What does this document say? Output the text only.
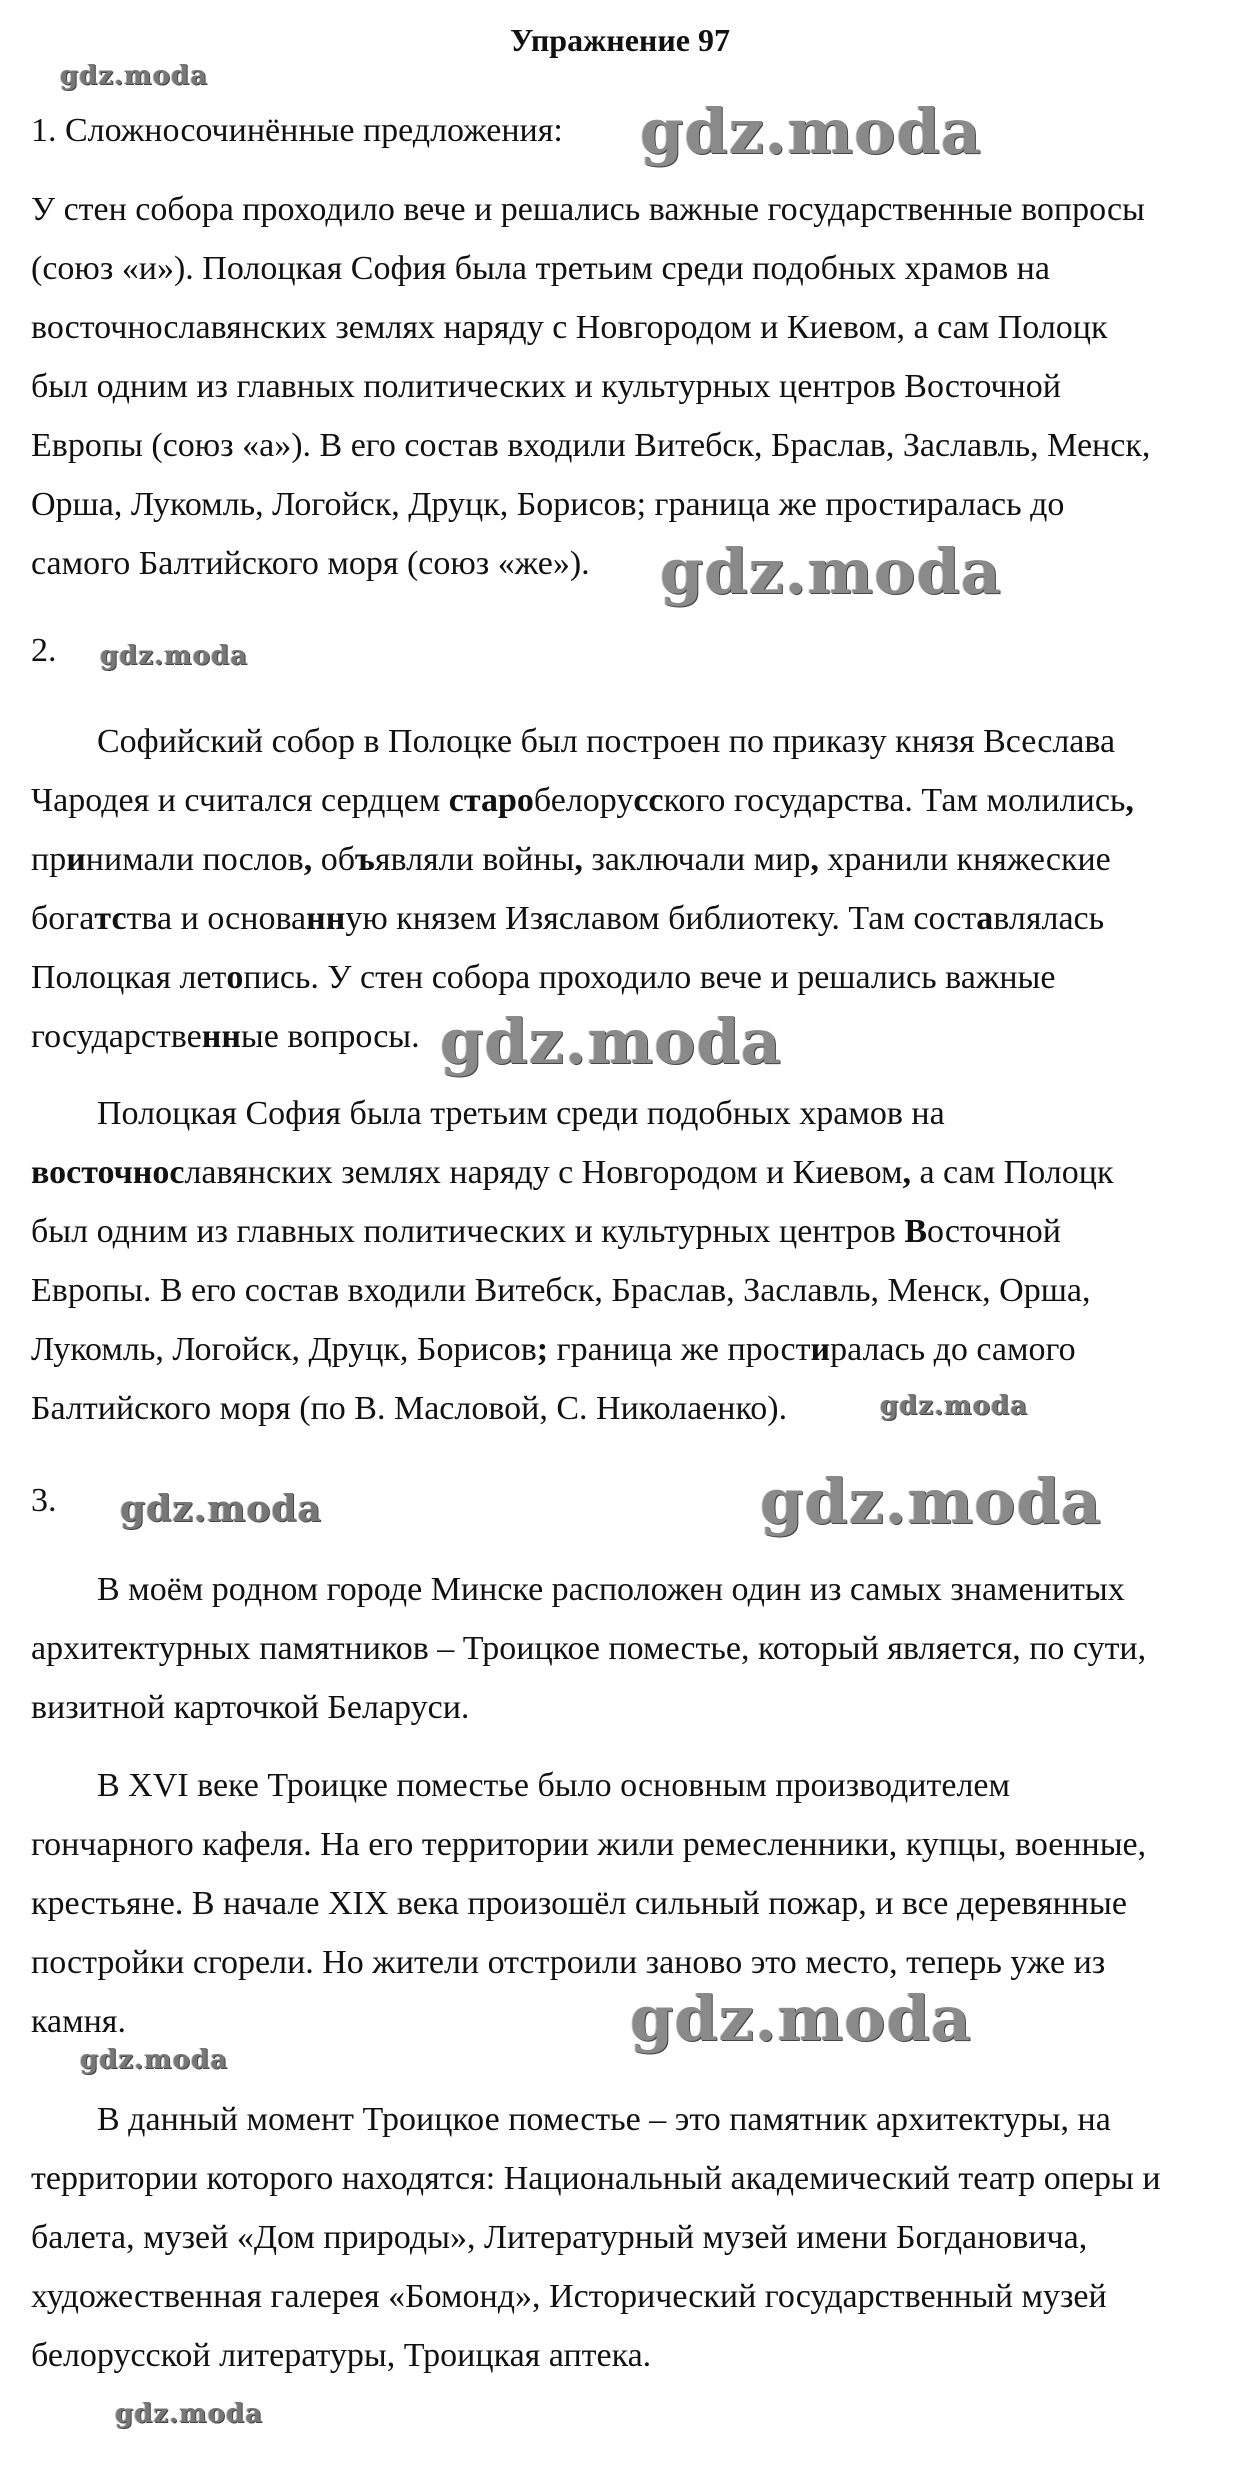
Упражнение 97
1. Сложносочинённые предложения:
У стен собора проходило вече и решались важные государственные вопросы
(союз «и»). Полоцкая София была третьим среди подобных храмов на
восточнославянских землях наряду с Новгородом и Киевом, а сам Полоцк
был одним из главных политических и культурных центров Восточной
Европы (союз «а»). В его состав входили Витебск, Браслав, Заславль, Менск,
Орша, Лукомль, Логойск, Друцк, Борисов; граница же простиралась до
самого Балтийского моря (союз «же»).
2.
Софийский собор в Полоцке был построен по приказу князя Всеслава
Чародея и считался сердцем старобелорусского государства. Там молились,
принимали послов, объявляли войны, заключали мир, хранили княжеские
богатства и основанную князем Изяславом библиотеку. Там составлялась
Полоцкая летопись. У стен собора проходило вече и решались важные
государственные вопросы.
Полоцкая София была третьим среди подобных храмов на
восточнославянских землях наряду с Новгородом и Киевом, а сам Полоцк
был одним из главных политических и культурных центров Восточной
Европы. В его состав входили Витебск, Браслав, Заславль, Менск, Орша,
Лукомль, Логойск, Друцк, Борисов; граница же простиралась до самого
Балтийского моря (по В. Масловой, С. Николаенко).
3.
В моём родном городе Минске расположен один из самых знаменитых
архитектурных памятников – Троицкое поместье, который является, по сути,
визитной карточкой Беларуси.
В XVI веке Троицке поместье было основным производителем
гончарного кафеля. На его территории жили ремесленники, купцы, военные,
крестьяне. В начале XIX века произошёл сильный пожар, и все деревянные
постройки сгорели. Но жители отстроили заново это место, теперь уже из
камня.
В данный момент Троицкое поместье – это памятник архитектуры, на
территории которого находятся: Национальный академический театр оперы и
балета, музей «Дом природы», Литературный музей имени Богдановича,
художественная галерея «Бомонд», Исторический государственный музей
белорусской литературы, Троицкая аптека.
gdz.moda
gdz.moda
gdz.moda
gdz.moda
gdz.moda
gdz.moda
gdz.moda
gdz.moda
gdz.moda
gdz.moda
gdz.moda
